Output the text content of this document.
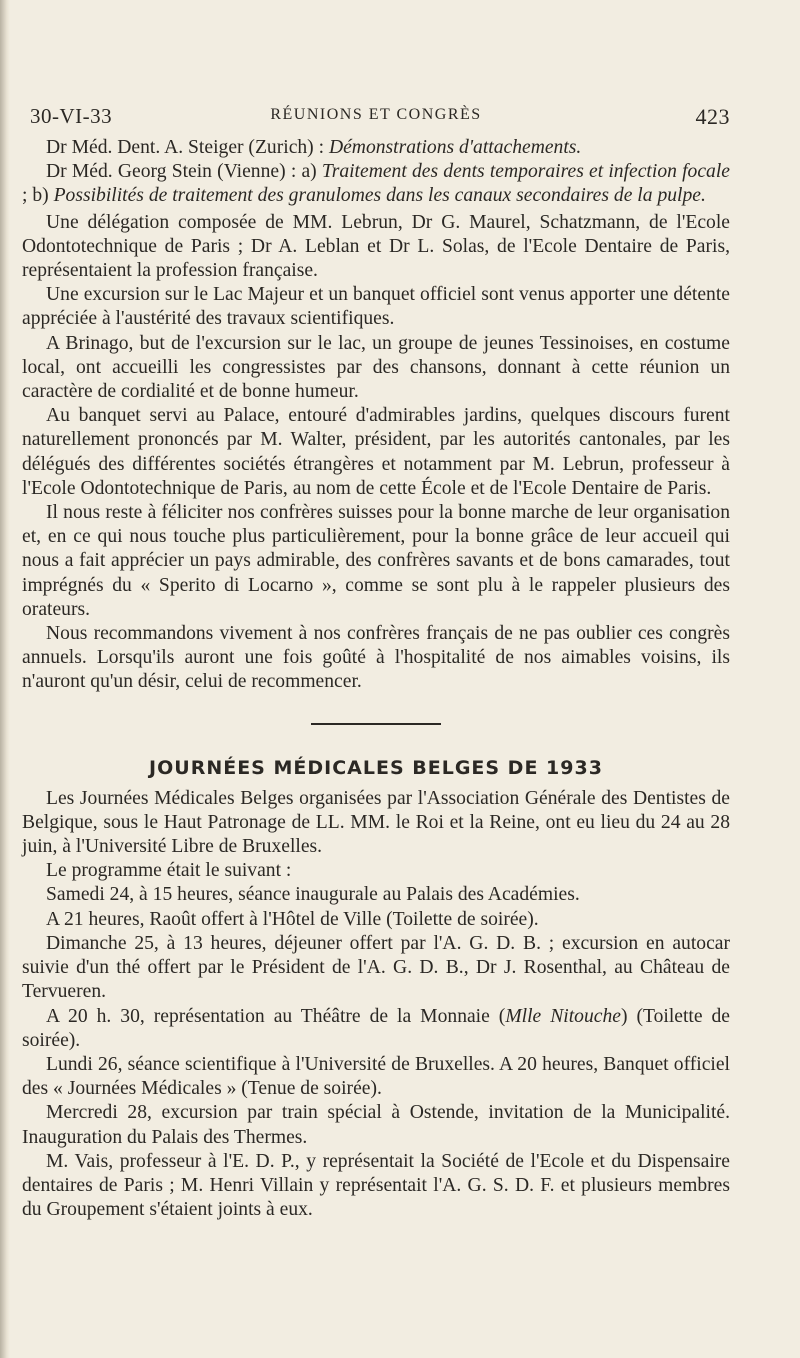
30-VI-33	RÉUNIONS ET CONGRÈS	423

Dr Méd. Dent. A. Steiger (Zurich) : Démonstrations d'attachements.

Dr Méd. Georg Stein (Vienne) : a) Traitement des dents temporaires et infection focale ; b) Possibilités de traitement des granulomes dans les canaux secondaires de la pulpe.

Une délégation composée de MM. Lebrun, Dr G. Maurel, Schatzmann, de l'Ecole Odontotechnique de Paris ; Dr A. Leblan et Dr L. Solas, de l'Ecole Dentaire de Paris, représentaient la profession française.

Une excursion sur le Lac Majeur et un banquet officiel sont venus apporter une détente appréciée à l'austérité des travaux scientifiques.

A Brinago, but de l'excursion sur le lac, un groupe de jeunes Tessinoises, en costume local, ont accueilli les congressistes par des chansons, donnant à cette réunion un caractère de cordialité et de bonne humeur.

Au banquet servi au Palace, entouré d'admirables jardins, quelques discours furent naturellement prononcés par M. Walter, président, par les autorités cantonales, par les délégués des différentes sociétés étrangères et notamment par M. Lebrun, professeur à l'Ecole Odontotechnique de Paris, au nom de cette École et de l'Ecole Dentaire de Paris.

Il nous reste à féliciter nos confrères suisses pour la bonne marche de leur organisation et, en ce qui nous touche plus particulièrement, pour la bonne grâce de leur accueil qui nous a fait apprécier un pays admirable, des confrères savants et de bons camarades, tout imprégnés du « Sperito di Locarno », comme se sont plu à le rappeler plusieurs des orateurs.

Nous recommandons vivement à nos confrères français de ne pas oublier ces congrès annuels. Lorsqu'ils auront une fois goûté à l'hospitalité de nos aimables voisins, ils n'auront qu'un désir, celui de recommencer.

JOURNÉES MÉDICALES BELGES DE 1933

Les Journées Médicales Belges organisées par l'Association Générale des Dentistes de Belgique, sous le Haut Patronage de LL. MM. le Roi et la Reine, ont eu lieu du 24 au 28 juin, à l'Université Libre de Bruxelles.

Le programme était le suivant :

Samedi 24, à 15 heures, séance inaugurale au Palais des Académies.

A 21 heures, Raoût offert à l'Hôtel de Ville (Toilette de soirée).

Dimanche 25, à 13 heures, déjeuner offert par l'A. G. D. B. ; excursion en autocar suivie d'un thé offert par le Président de l'A. G. D. B., Dr J. Rosenthal, au Château de Tervueren.

A 20 h. 30, représentation au Théâtre de la Monnaie (Mlle Nitouche) (Toilette de soirée).

Lundi 26, séance scientifique à l'Université de Bruxelles. A 20 heures, Banquet officiel des « Journées Médicales » (Tenue de soirée).

Mercredi 28, excursion par train spécial à Ostende, invitation de la Municipalité. Inauguration du Palais des Thermes.

M. Vais, professeur à l'E. D. P., y représentait la Société de l'Ecole et du Dispensaire dentaires de Paris ; M. Henri Villain y représentait l'A. G. S. D. F. et plusieurs membres du Groupement s'étaient joints à eux.
